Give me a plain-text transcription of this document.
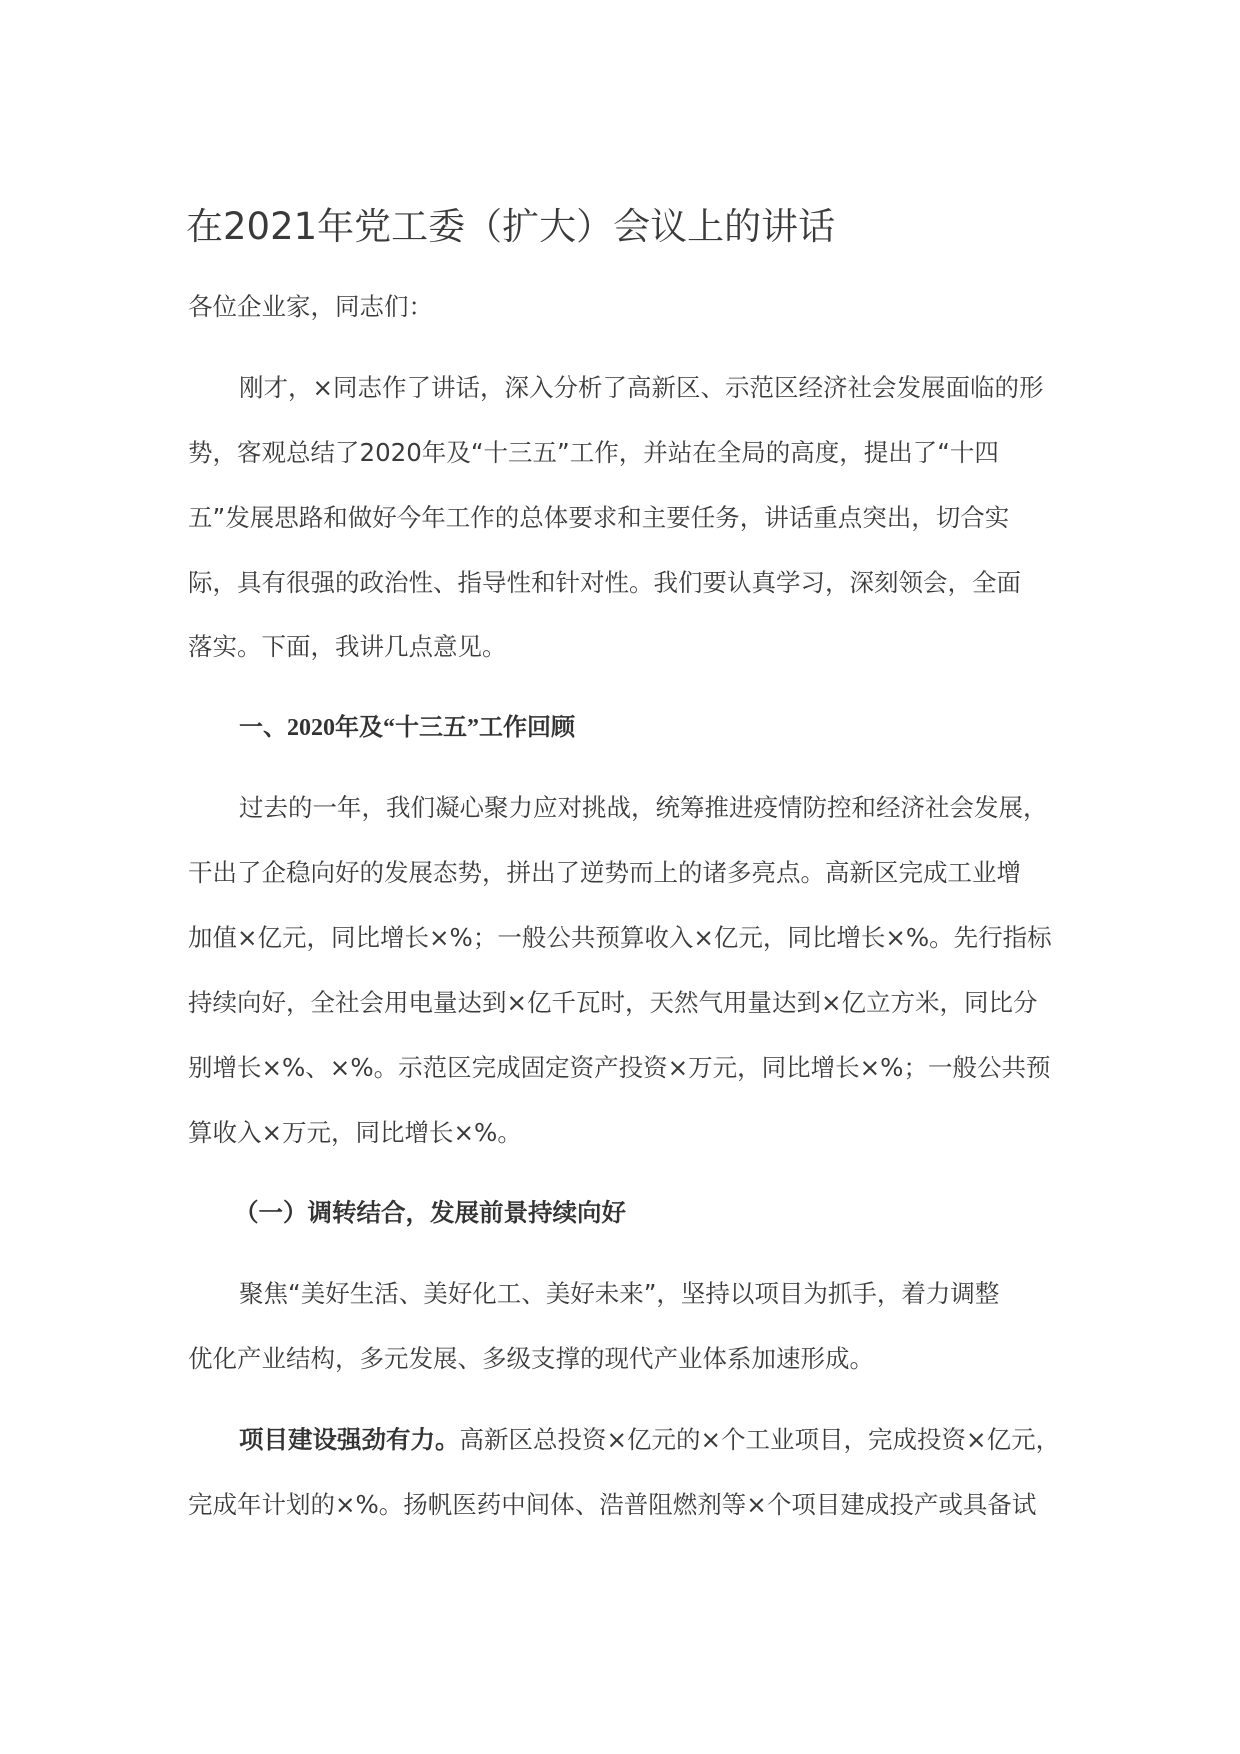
在2021年党工委（扩大）会议上的讲话
各位企业家，同志们：
刚才，×同志作了讲话，深入分析了高新区、示范区经济社会发展面临的形
势，客观总结了2020年及“十三五”工作，并站在全局的高度，提出了“十四
五”发展思路和做好今年工作的总体要求和主要任务，讲话重点突出，切合实
际，具有很强的政治性、指导性和针对性。我们要认真学习，深刻领会，全面
落实。下面，我讲几点意见。
一、2020年及“十三五”工作回顾
过去的一年，我们凝心聚力应对挑战，统筹推进疫情防控和经济社会发展，
干出了企稳向好的发展态势，拼出了逆势而上的诸多亮点。高新区完成工业增
加值×亿元，同比增长×%；一般公共预算收入×亿元，同比增长×%。先行指标
持续向好，全社会用电量达到×亿千瓦时，天然气用量达到×亿立方米，同比分
别增长×%、×%。示范区完成固定资产投资×万元，同比增长×%；一般公共预
算收入×万元，同比增长×%。
（一）调转结合，发展前景持续向好
聚焦“美好生活、美好化工、美好未来”，坚持以项目为抓手，着力调整
优化产业结构，多元发展、多级支撑的现代产业体系加速形成。
项目建设强劲有力。高新区总投资×亿元的×个工业项目，完成投资×亿元，
完成年计划的×%。扬帆医药中间体、浩普阻燃剂等×个项目建成投产或具备试
